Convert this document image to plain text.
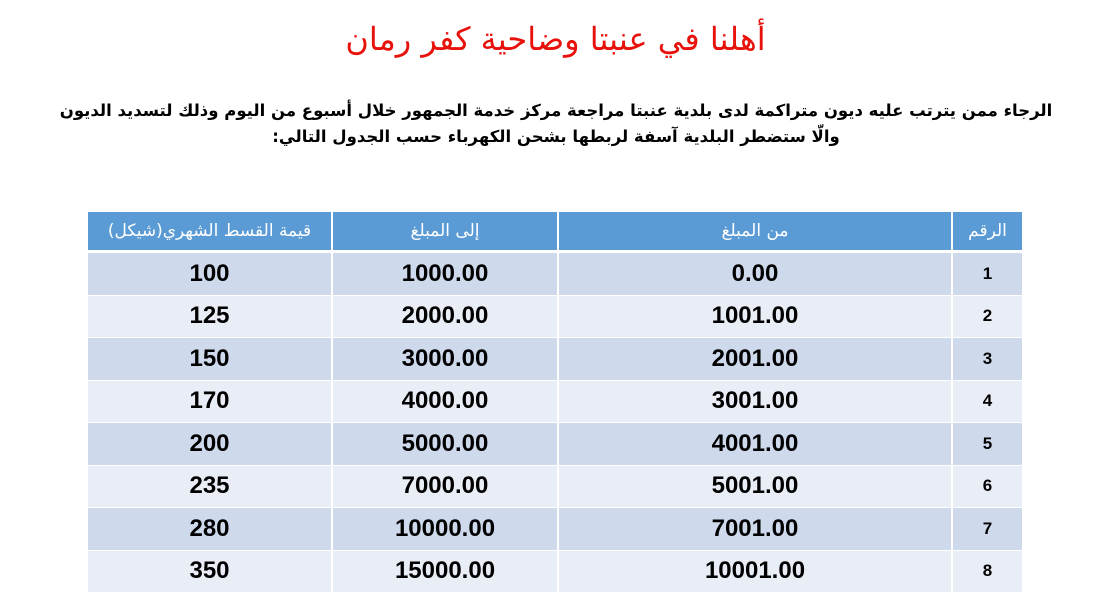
أهلنا في عنبتا وضاحية كفر رمان
الرجاء ممن يترتب عليه ديون متراكمة لدى بلدية عنبتا مراجعة مركز خدمة الجمهور خلال أسبوع من اليوم وذلك لتسديد الديون
والّا ستضطر البلدية آسفة لربطها بشحن الكهرباء حسب الجدول التالي:
الرقم	من المبلغ	إلى المبلغ	قيمة القسط الشهري(شيكل)
1	0.00	1000.00	100
2	1001.00	2000.00	125
3	2001.00	3000.00	150
4	3001.00	4000.00	170
5	4001.00	5000.00	200
6	5001.00	7000.00	235
7	7001.00	10000.00	280
8	10001.00	15000.00	350
